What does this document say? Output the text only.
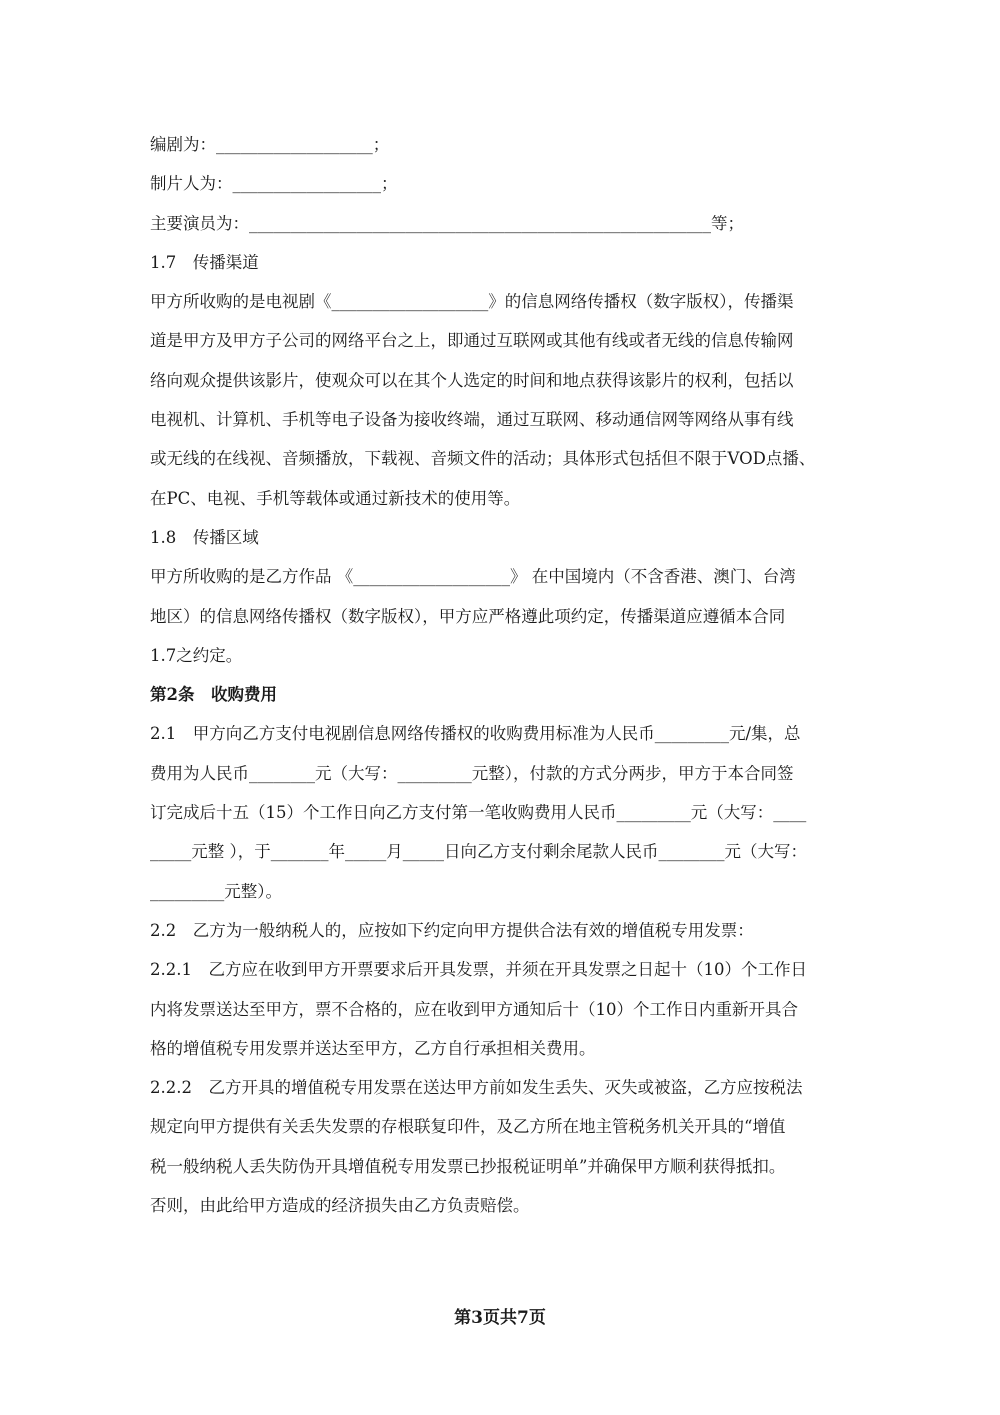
编剧为：___________________；
制片人为：__________________；
主要演员为：________________________________________________________等；
1.7　传播渠道
甲方所收购的是电视剧《___________________》的信息网络传播权（数字版权），传播渠
道是甲方及甲方子公司的网络平台之上，即通过互联网或其他有线或者无线的信息传输网
络向观众提供该影片，使观众可以在其个人选定的时间和地点获得该影片的权利，包括以
电视机、计算机、手机等电子设备为接收终端，通过互联网、移动通信网等网络从事有线
或无线的在线视、音频播放，下载视、音频文件的活动；具体形式包括但不限于VOD点播、
在PC、电视、手机等载体或通过新技术的使用等。
1.8　传播区域
甲方所收购的是乙方作品 《___________________》 在中国境内（不含香港、澳门、台湾
地区）的信息网络传播权（数字版权），甲方应严格遵此项约定，传播渠道应遵循本合同
1.7之约定。
第2条　收购费用
2.1　甲方向乙方支付电视剧信息网络传播权的收购费用标准为人民币_________元/集，总
费用为人民币________元（大写：_________元整），付款的方式分两步，甲方于本合同签
订完成后十五（15）个工作日向乙方支付第一笔收购费用人民币_________元（大写：____
_____元整 ），于_______年_____月_____日向乙方支付剩余尾款人民币________元（大写：
_________元整）。
2.2　乙方为一般纳税人的，应按如下约定向甲方提供合法有效的增值税专用发票：
2.2.1　乙方应在收到甲方开票要求后开具发票，并须在开具发票之日起十（10）个工作日
内将发票送达至甲方，票不合格的，应在收到甲方通知后十（10）个工作日内重新开具合
格的增值税专用发票并送达至甲方，乙方自行承担相关费用。
2.2.2　乙方开具的增值税专用发票在送达甲方前如发生丢失、灭失或被盗，乙方应按税法
规定向甲方提供有关丢失发票的存根联复印件，及乙方所在地主管税务机关开具的“增值
税一般纳税人丢失防伪开具增值税专用发票已抄报税证明单”并确保甲方顺利获得抵扣。
否则，由此给甲方造成的经济损失由乙方负责赔偿。
第3页共7页
